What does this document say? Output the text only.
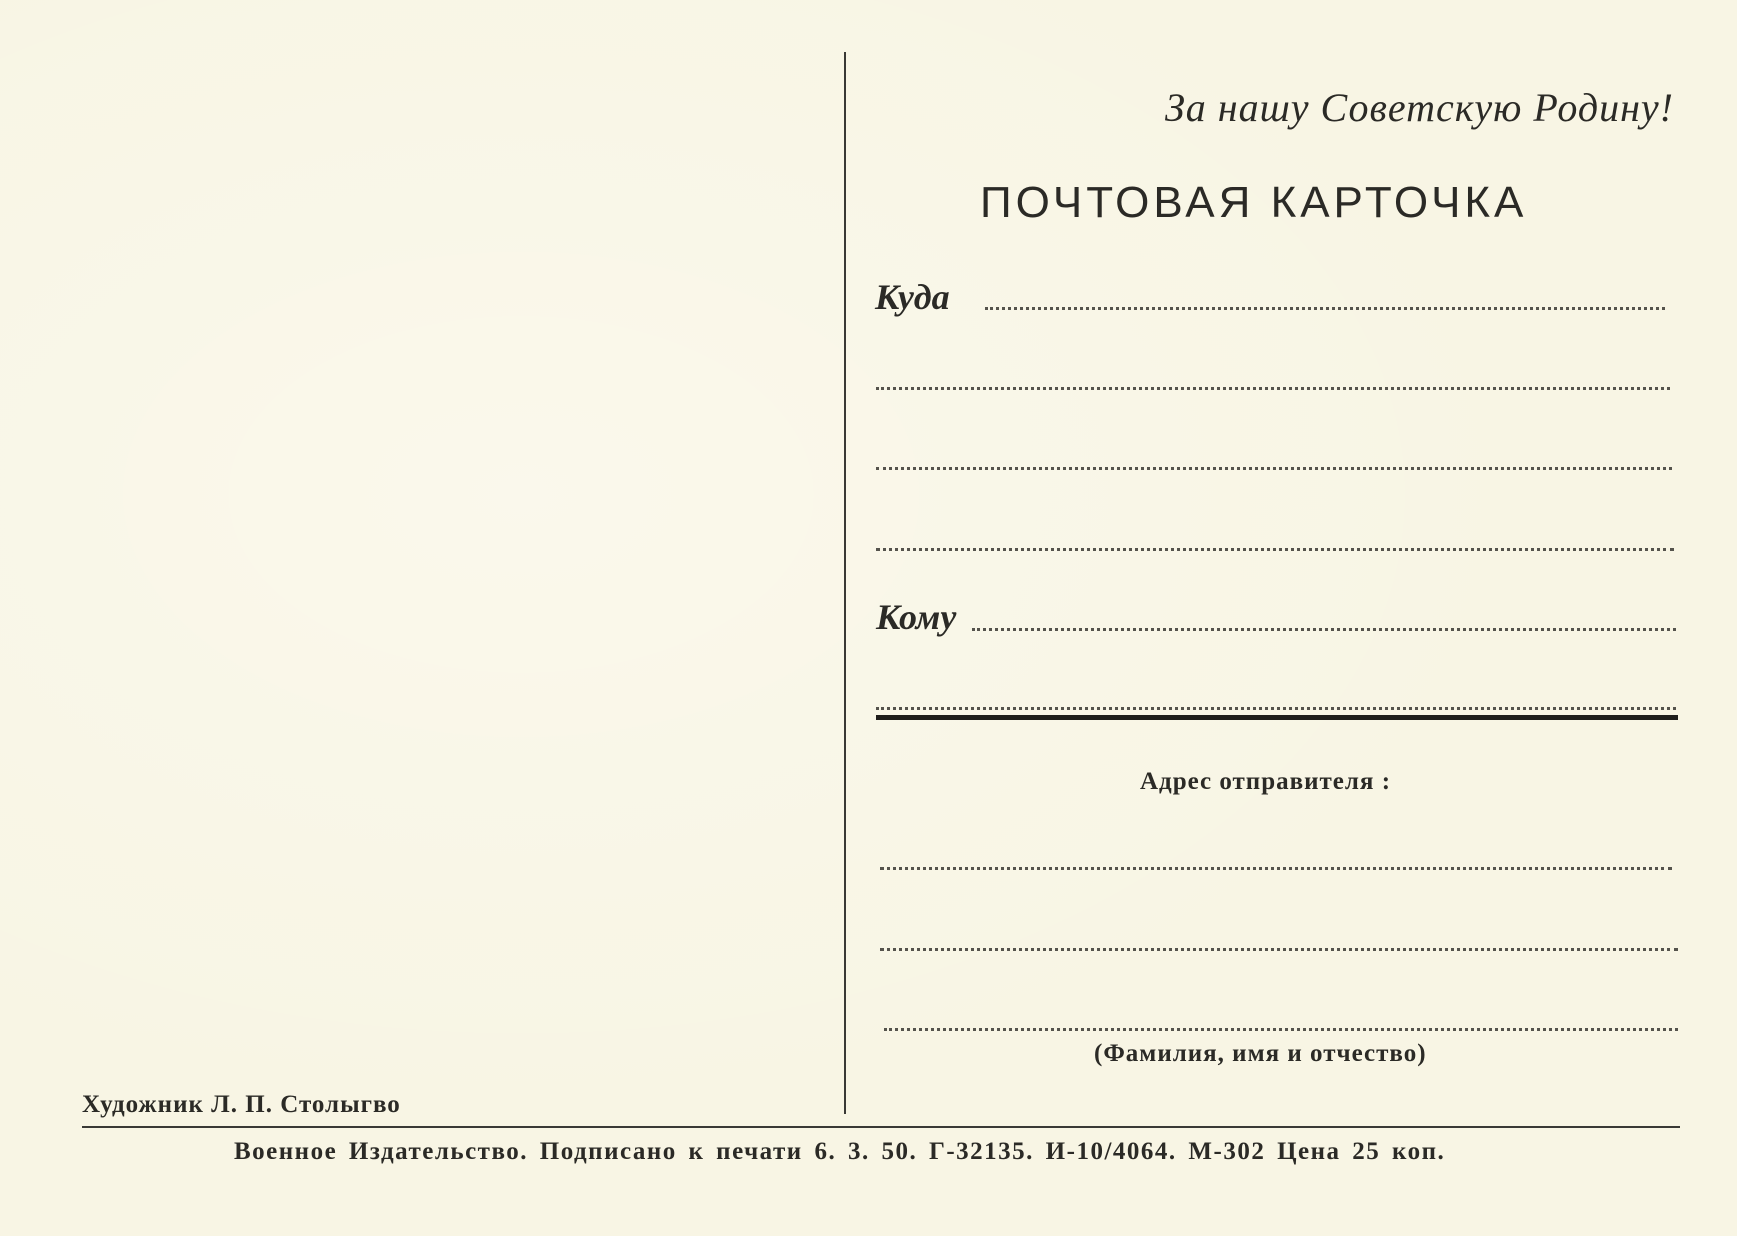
За нашу Советскую Родину!
ПОЧТОВАЯ КАРТОЧКА
Куда
Кому
Адрес отправителя :
(Фамилия, имя и отчество)
Художник Л. П. Столыгво
Военное Издательство. Подписано к печати 6. 3. 50. Г-32135. И-10/4064. М-302 Цена 25 коп.
